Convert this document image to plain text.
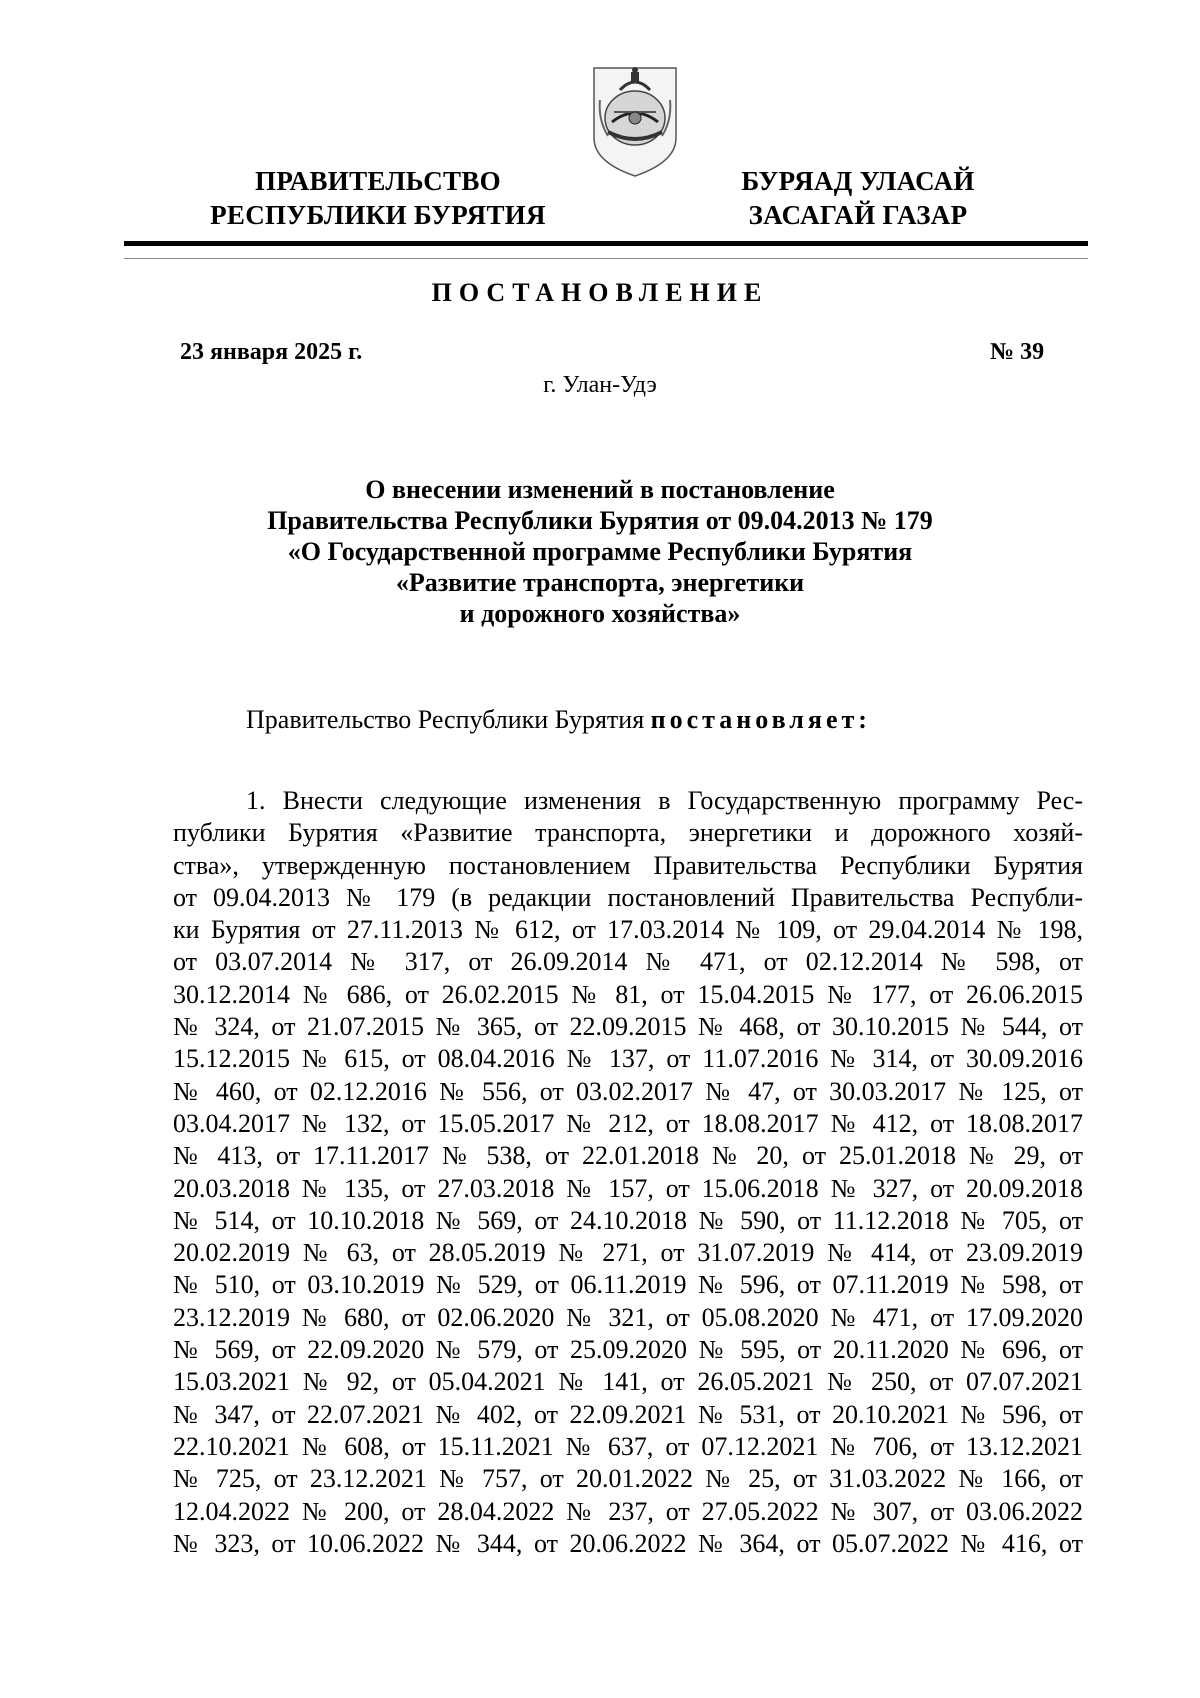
ПРАВИТЕЛЬСТВО
РЕСПУБЛИКИ БУРЯТИЯ
БУРЯАД УЛАСАЙ
ЗАСАГАЙ ГАЗАР
ПОСТАНОВЛЕНИЕ
23 января 2025 г.	№ 39
г. Улан-Удэ
О внесении изменений в постановление
Правительства Республики Бурятия от 09.04.2013 № 179
«О Государственной программе Республики Бурятия
«Развитие транспорта, энергетики
и дорожного хозяйства»
Правительство Республики Бурятия постановляет:
1. Внести следующие изменения в Государственную программу Рес-
публики Бурятия «Развитие транспорта, энергетики и дорожного хозяй-
ства», утвержденную постановлением Правительства Республики Бурятия
от 09.04.2013 № 179 (в редакции постановлений Правительства Республи-
ки Бурятия от 27.11.2013 № 612, от 17.03.2014 № 109, от 29.04.2014 № 198,
от 03.07.2014 № 317, от 26.09.2014 № 471, от 02.12.2014 № 598, от
30.12.2014 № 686, от 26.02.2015 № 81, от 15.04.2015 № 177, от 26.06.2015
№ 324, от 21.07.2015 № 365, от 22.09.2015 № 468, от 30.10.2015 № 544, от
15.12.2015 № 615, от 08.04.2016 № 137, от 11.07.2016 № 314, от 30.09.2016
№ 460, от 02.12.2016 № 556, от 03.02.2017 № 47, от 30.03.2017 № 125, от
03.04.2017 № 132, от 15.05.2017 № 212, от 18.08.2017 № 412, от 18.08.2017
№ 413, от 17.11.2017 № 538, от 22.01.2018 № 20, от 25.01.2018 № 29, от
20.03.2018 № 135, от 27.03.2018 № 157, от 15.06.2018 № 327, от 20.09.2018
№ 514, от 10.10.2018 № 569, от 24.10.2018 № 590, от 11.12.2018 № 705, от
20.02.2019 № 63, от 28.05.2019 № 271, от 31.07.2019 № 414, от 23.09.2019
№ 510, от 03.10.2019 № 529, от 06.11.2019 № 596, от 07.11.2019 № 598, от
23.12.2019 № 680, от 02.06.2020 № 321, от 05.08.2020 № 471, от 17.09.2020
№ 569, от 22.09.2020 № 579, от 25.09.2020 № 595, от 20.11.2020 № 696, от
15.03.2021 № 92, от 05.04.2021 № 141, от 26.05.2021 № 250, от 07.07.2021
№ 347, от 22.07.2021 № 402, от 22.09.2021 № 531, от 20.10.2021 № 596, от
22.10.2021 № 608, от 15.11.2021 № 637, от 07.12.2021 № 706, от 13.12.2021
№ 725, от 23.12.2021 № 757, от 20.01.2022 № 25, от 31.03.2022 № 166, от
12.04.2022 № 200, от 28.04.2022 № 237, от 27.05.2022 № 307, от 03.06.2022
№ 323, от 10.06.2022 № 344, от 20.06.2022 № 364, от 05.07.2022 № 416, от
